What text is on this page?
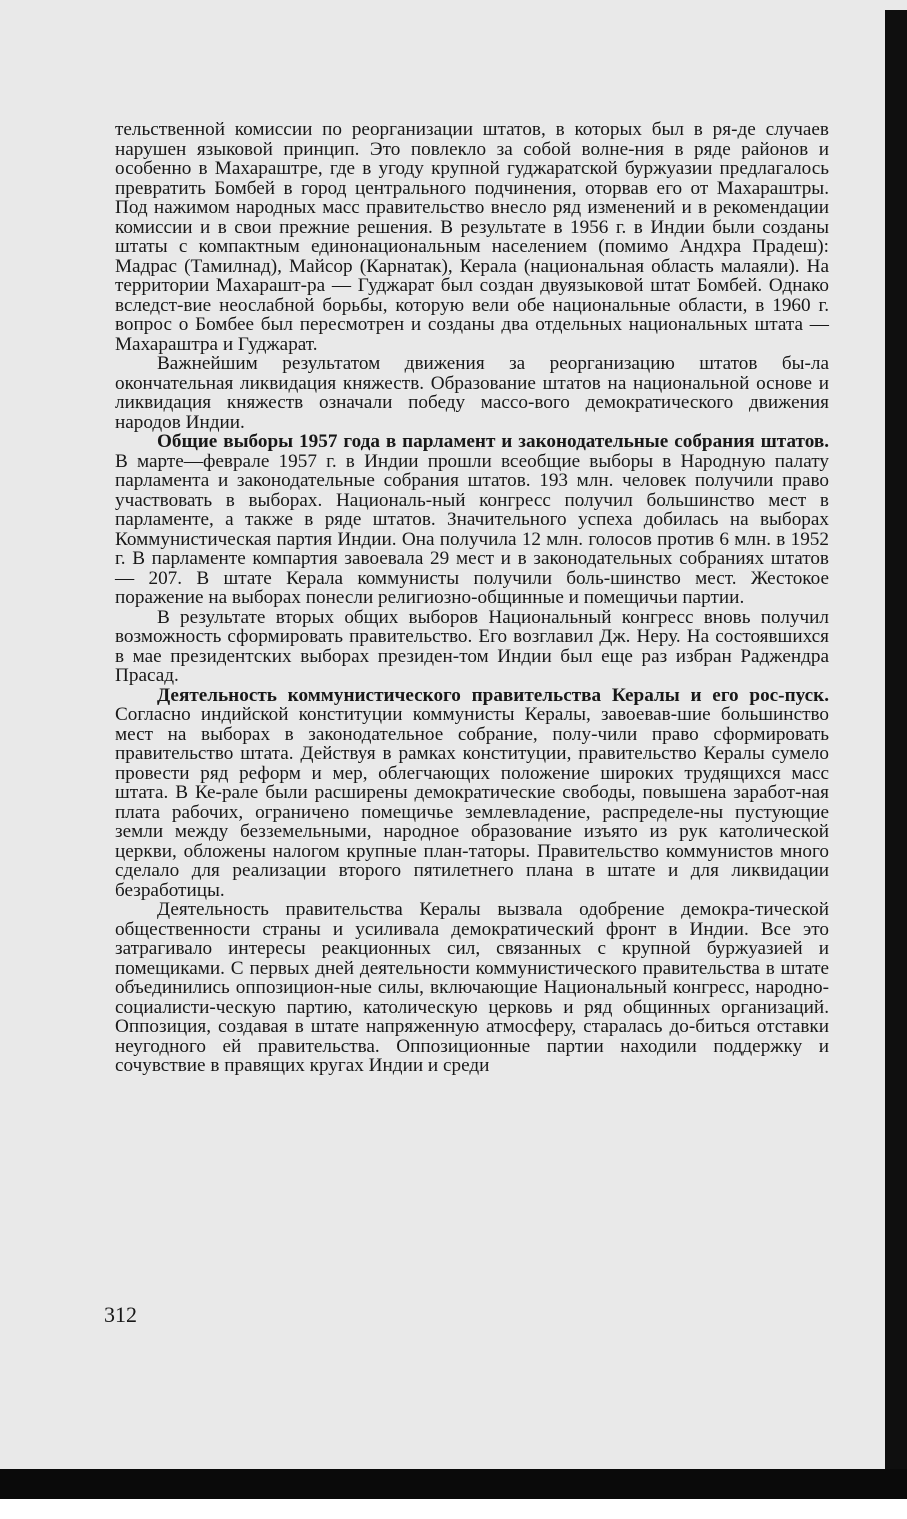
тельственной комиссии по реорганизации штатов, в которых был в ря-де случаев нарушен языковой принцип. Это повлекло за собой волне-ния в ряде районов и особенно в Махараштре, где в угоду крупной гуджаратской буржуазии предлагалось превратить Бомбей в город центрального подчинения, оторвав его от Махараштры. Под нажимом народных масс правительство внесло ряд изменений и в рекомендации комиссии и в свои прежние решения. В результате в 1956 г. в Индии были созданы штаты с компактным единонациональным населением (помимо Андхра Прадеш): Мадрас (Тамилнад), Майсор (Карнатак), Керала (национальная область малаяли). На территории Махарашт-ра — Гуджарат был создан двуязыковой штат Бомбей. Однако вследст-вие неослабной борьбы, которую вели обе национальные области, в 1960 г. вопрос о Бомбее был пересмотрен и созданы два отдельных национальных штата — Махараштра и Гуджарат.

Важнейшим результатом движения за реорганизацию штатов бы-ла окончательная ликвидация княжеств. Образование штатов на национальной основе и ликвидация княжеств означали победу массо-вого демократического движения народов Индии.

Общие выборы 1957 года в парламент и законодательные собрания штатов. В марте—феврале 1957 г. в Индии прошли всеобщие выборы в Народную палату парламента и законодательные собрания штатов. 193 млн. человек получили право участвовать в выборах. Националь-ный конгресс получил большинство мест в парламенте, а также в ряде штатов. Значительного успеха добилась на выборах Коммунистическая партия Индии. Она получила 12 млн. голосов против 6 млн. в 1952 г. В парламенте компартия завоевала 29 мест и в законодательных собраниях штатов — 207. В штате Керала коммунисты получили боль-шинство мест. Жестокое поражение на выборах понесли религиозно-общинные и помещичьи партии.

В результате вторых общих выборов Национальный конгресс вновь получил возможность сформировать правительство. Его возглавил Дж. Неру. На состоявшихся в мае президентских выборах президен-том Индии был еще раз избран Раджендра Прасад.

Деятельность коммунистического правительства Кералы и его рос-пуск. Согласно индийской конституции коммунисты Кералы, завоевав-шие большинство мест на выборах в законодательное собрание, полу-чили право сформировать правительство штата. Действуя в рамках конституции, правительство Кералы сумело провести ряд реформ и мер, облегчающих положение широких трудящихся масс штата. В Ке-рале были расширены демократические свободы, повышена заработ-ная плата рабочих, ограничено помещичье землевладение, распределе-ны пустующие земли между безземельными, народное образование изъято из рук католической церкви, обложены налогом крупные план-таторы. Правительство коммунистов много сделало для реализации второго пятилетнего плана в штате и для ликвидации безработицы.

Деятельность правительства Кералы вызвала одобрение демокра-тической общественности страны и усиливала демократический фронт в Индии. Все это затрагивало интересы реакционных сил, связанных с крупной буржуазией и помещиками. С первых дней деятельности коммунистического правительства в штате объединились оппозицион-ные силы, включающие Национальный конгресс, народно-социалисти-ческую партию, католическую церковь и ряд общинных организаций. Оппозиция, создавая в штате напряженную атмосферу, старалась до-биться отставки неугодного ей правительства. Оппозиционные партии находили поддержку и сочувствие в правящих кругах Индии и среди

312
